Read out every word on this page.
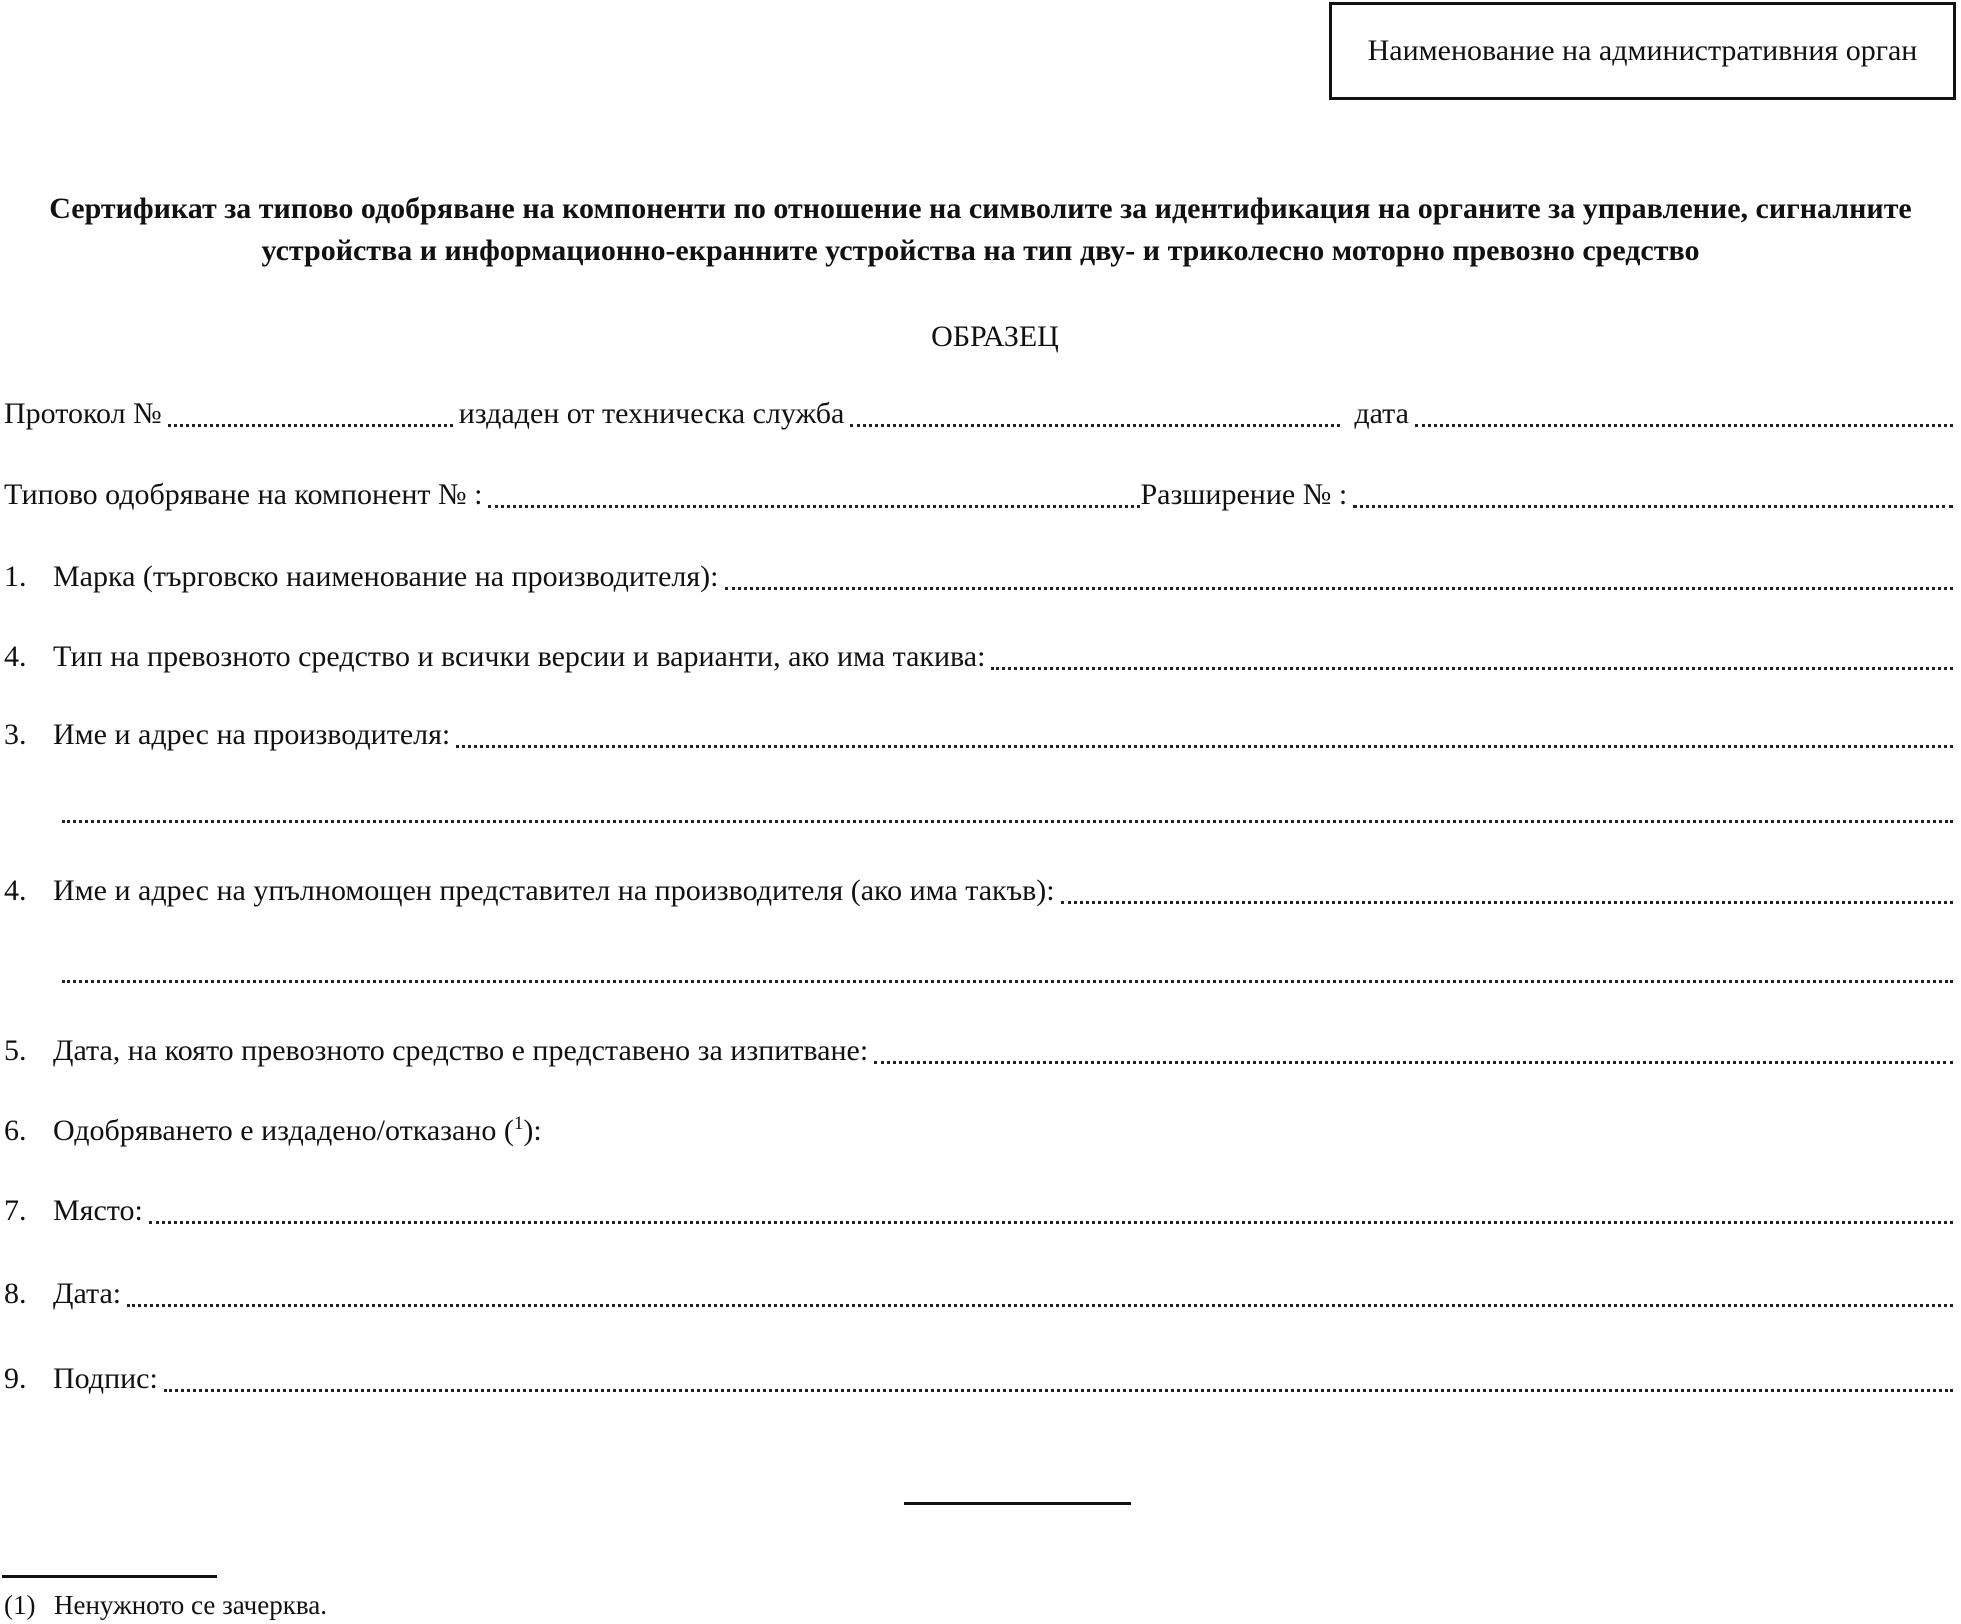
Наименование на административния орган
Сертификат за типово одобряване на компоненти по отношение на символите за идентификация на органите за управление, сигналните
устройства и информационно-екранните устройства на тип дву- и триколесно моторно превозно средство
ОБРАЗЕЦ
Протокол №	издаден от техническа служба	дата
Типово одобряване на компонент № :	Разширение № :
1. Марка (търговско наименование на производителя):
4. Тип на превозното средство и всички версии и варианти, ако има такива:
3. Име и адрес на производителя:
4. Име и адрес на упълномощен представител на производителя (ако има такъв):
5. Дата, на която превозното средство е представено за изпитване:
6. Одобряването е издадено/отказано ($^1$):
7. Място:
8. Дата:
9. Подпис:
(1) Ненужното се зачерква.
